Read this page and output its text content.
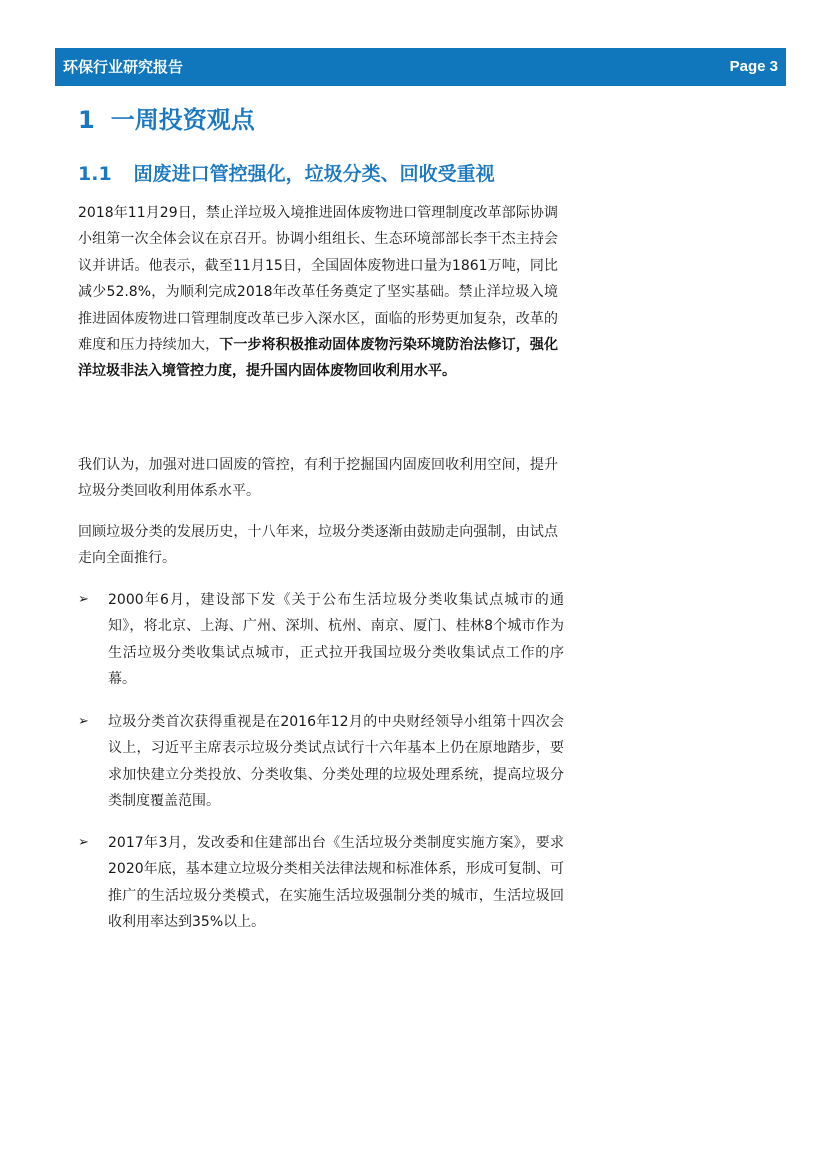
环保行业研究报告	Page 3
1 一周投资观点
1.1 固废进口管控强化，垃圾分类、回收受重视

2018年11月29日，禁止洋垃圾入境推进固体废物进口管理制度改革部际协调小组第一次全体会议在京召开。协调小组组长、生态环境部部长李干杰主持会议并讲话。他表示，截至11月15日，全国固体废物进口量为1861万吨，同比减少52.8%，为顺利完成2018年改革任务奠定了坚实基础。禁止洋垃圾入境推进固体废物进口管理制度改革已步入深水区，面临的形势更加复杂，改革的难度和压力持续加大，下一步将积极推动固体废物污染环境防治法修订，强化洋垃圾非法入境管控力度，提升国内固体废物回收利用水平。

我们认为，加强对进口固废的管控，有利于挖掘国内固废回收利用空间，提升垃圾分类回收利用体系水平。

回顾垃圾分类的发展历史，十八年来，垃圾分类逐渐由鼓励走向强制，由试点走向全面推行。

➢ 2000年6月，建设部下发《关于公布生活垃圾分类收集试点城市的通知》，将北京、上海、广州、深圳、杭州、南京、厦门、桂林8个城市作为生活垃圾分类收集试点城市，正式拉开我国垃圾分类收集试点工作的序幕。
➢ 垃圾分类首次获得重视是在2016年12月的中央财经领导小组第十四次会议上，习近平主席表示垃圾分类试点试行十六年基本上仍在原地踏步，要求加快建立分类投放、分类收集、分类处理的垃圾处理系统，提高垃圾分类制度覆盖范围。
➢ 2017年3月，发改委和住建部出台《生活垃圾分类制度实施方案》，要求2020年底，基本建立垃圾分类相关法律法规和标准体系，形成可复制、可推广的生活垃圾分类模式，在实施生活垃圾强制分类的城市，生活垃圾回收利用率达到35%以上。
